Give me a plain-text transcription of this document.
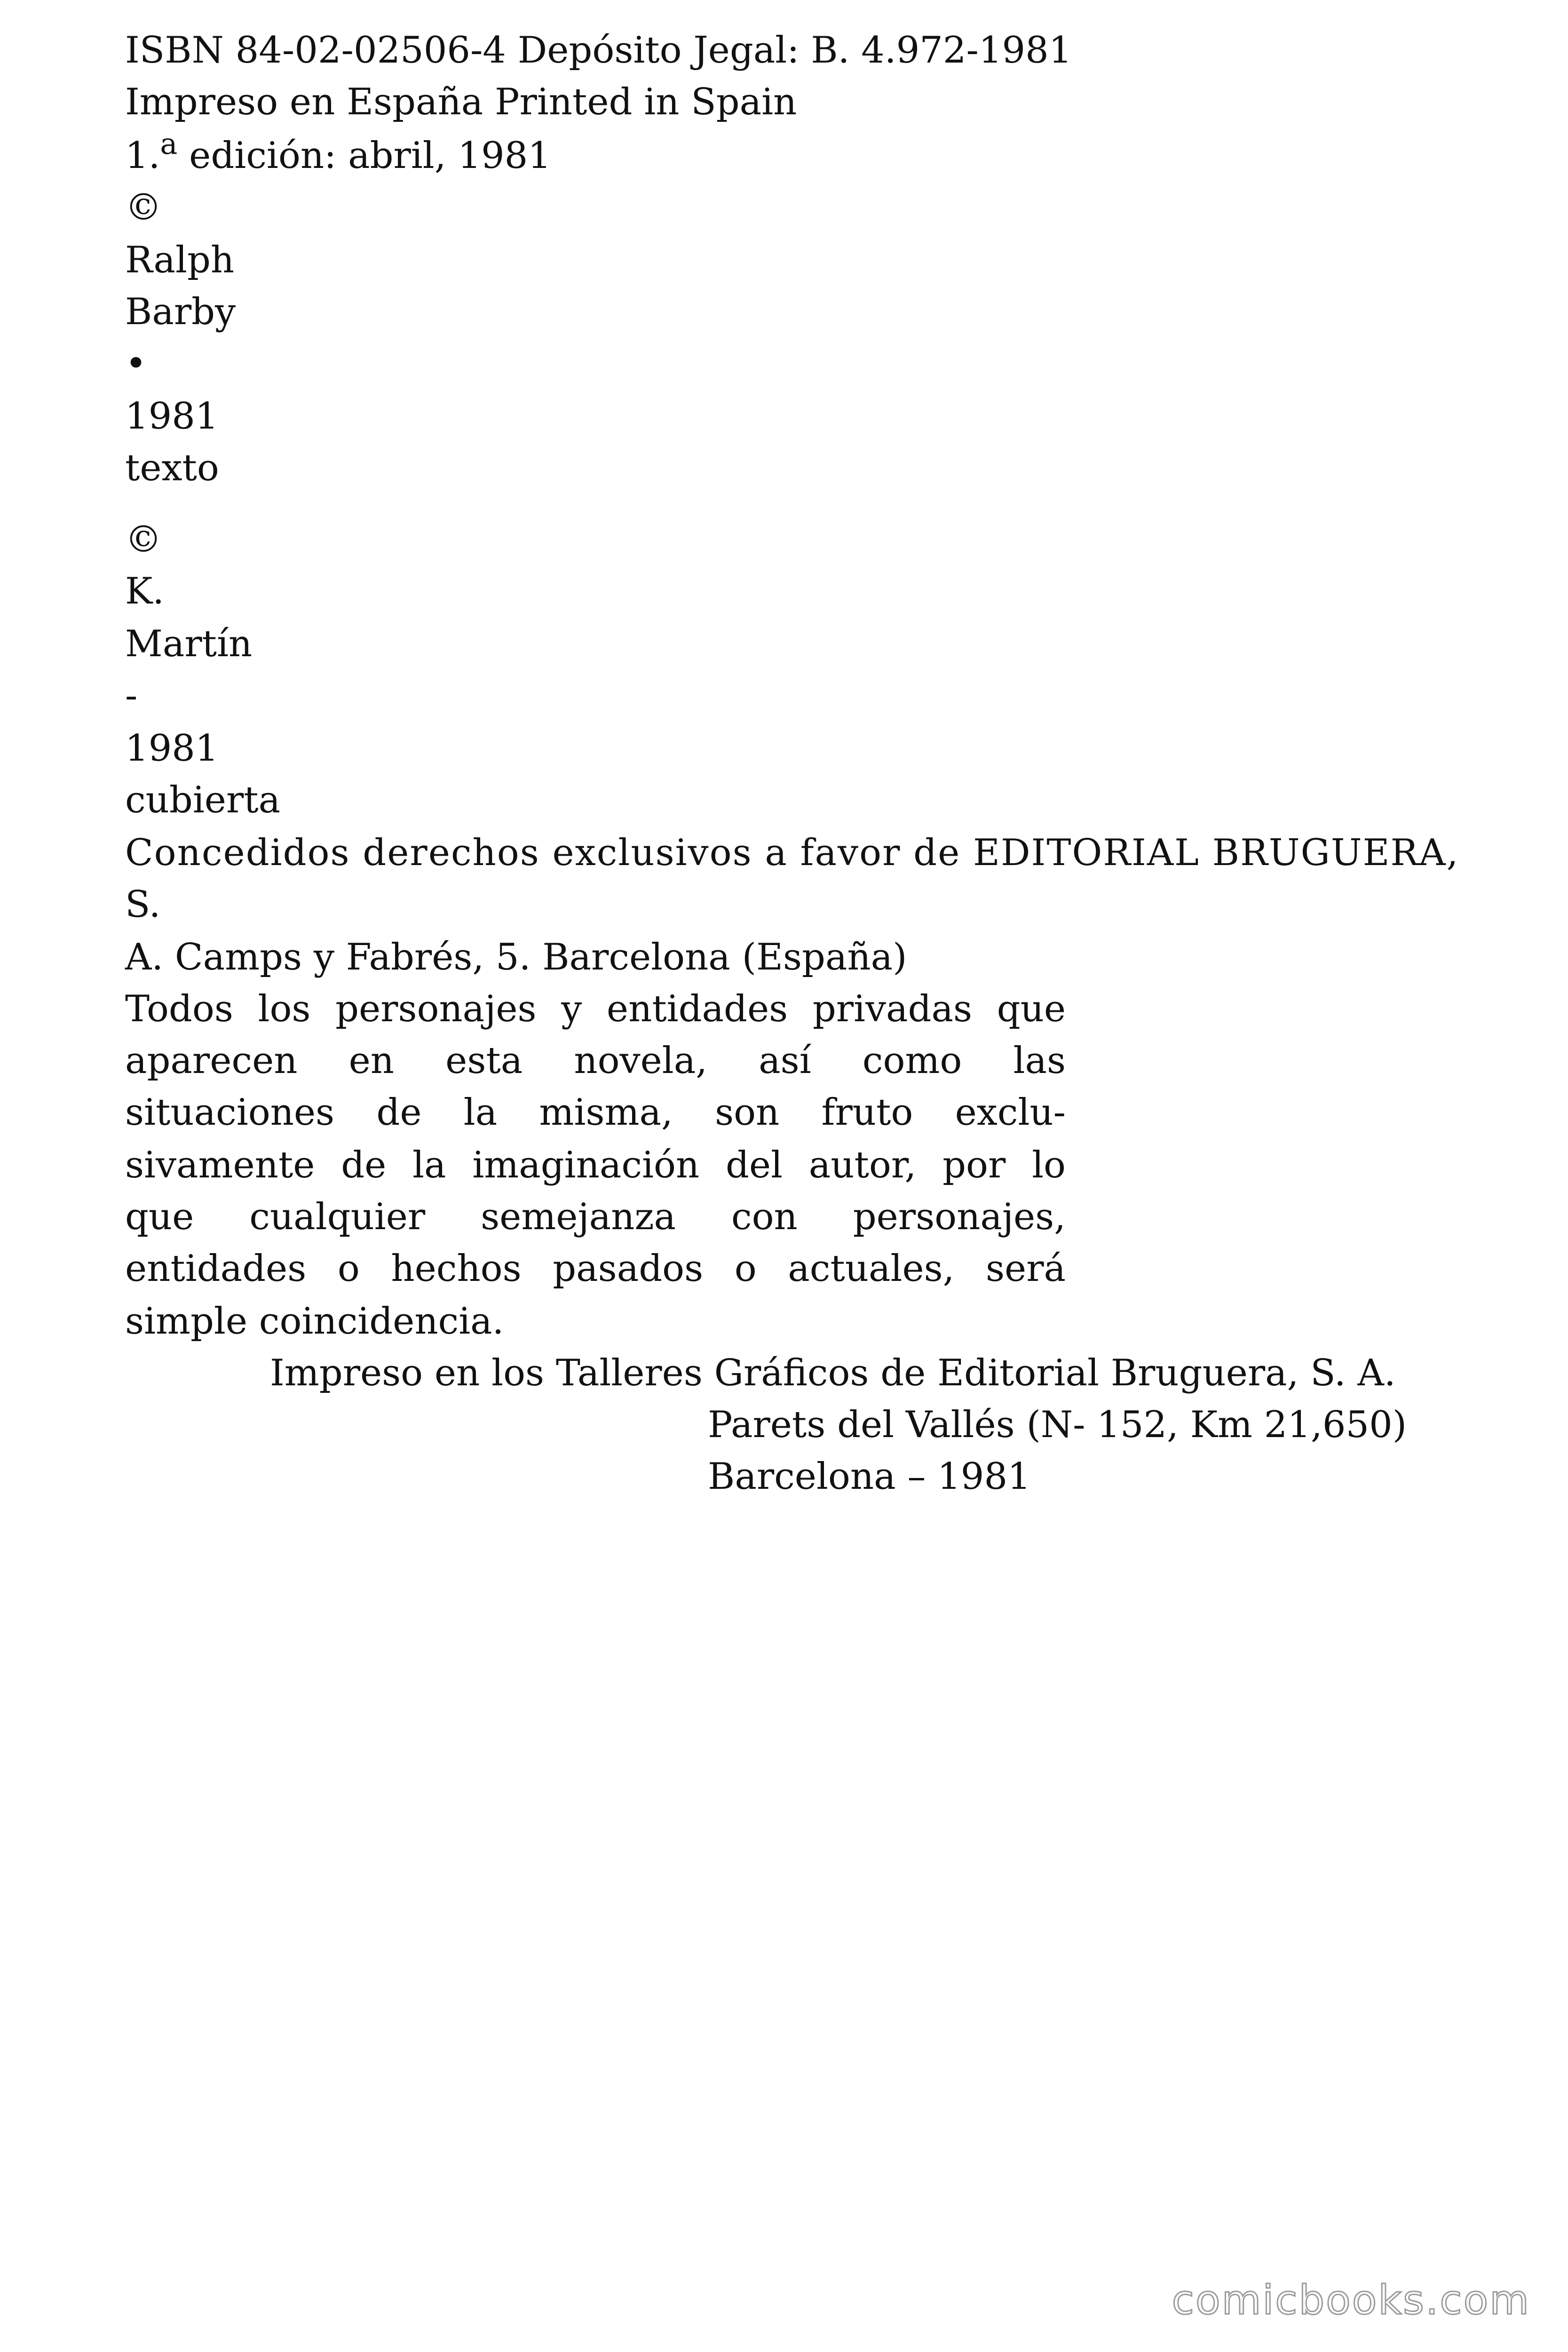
ISBN 84-02-02506-4 Depósito Jegal: B. 4.972-1981
Impreso en España Printed in Spain
1.$^a$ edición: abril, 1981
©
Ralph
Barby
•
1981
texto
©
K.
Martín
-
1981
cubierta
Concedidos derechos exclusivos a favor de EDITORIAL BRUGUERA,
S.
A. Camps y Fabrés, 5. Barcelona (España)
Todos los personajes y entidades privadas que
aparecen en esta novela, así como las
situaciones de la misma, son fruto exclu-
sivamente de la imaginación del autor, por lo
que cualquier semejanza con personajes,
entidades o hechos pasados o actuales, será
simple coincidencia.
Impreso en los Talleres Gráficos de Editorial Bruguera, S. A.
Parets del Vallés (N- 152, Km 21,650)
Barcelona – 1981
comicbooks.com
